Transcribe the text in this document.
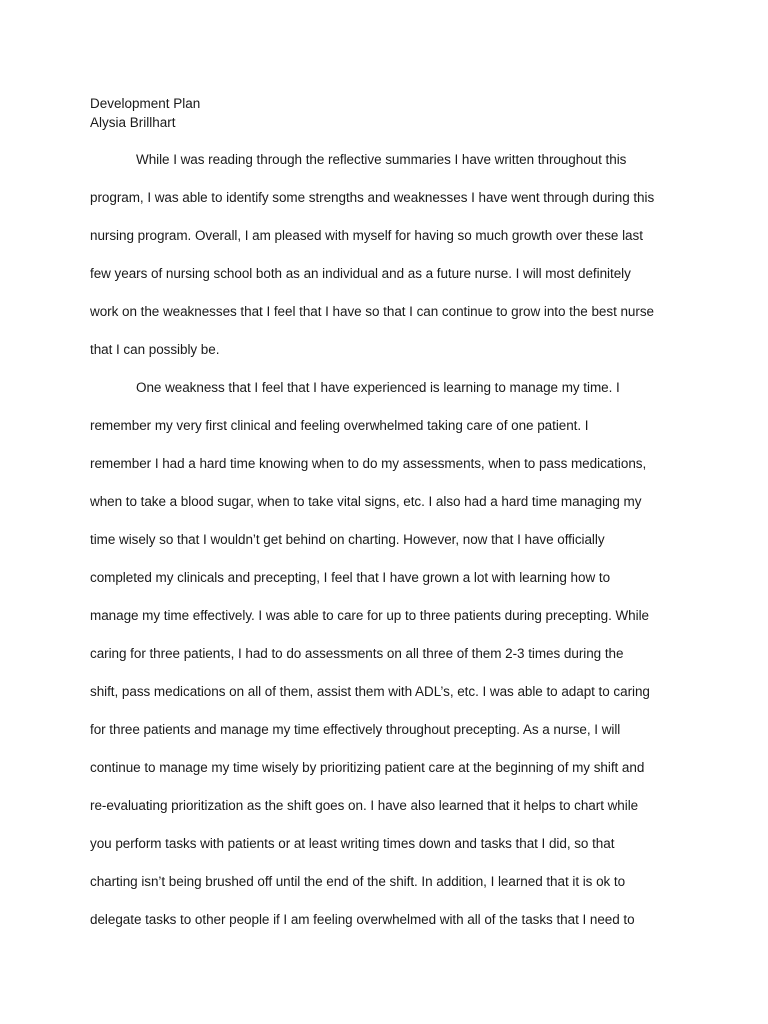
Development Plan
Alysia Brillhart
While I was reading through the reflective summaries I have written throughout this
program, I was able to identify some strengths and weaknesses I have went through during this
nursing program. Overall, I am pleased with myself for having so much growth over these last
few years of nursing school both as an individual and as a future nurse. I will most definitely
work on the weaknesses that I feel that I have so that I can continue to grow into the best nurse
that I can possibly be.
One weakness that I feel that I have experienced is learning to manage my time. I
remember my very first clinical and feeling overwhelmed taking care of one patient. I
remember I had a hard time knowing when to do my assessments, when to pass medications,
when to take a blood sugar, when to take vital signs, etc. I also had a hard time managing my
time wisely so that I wouldn’t get behind on charting. However, now that I have officially
completed my clinicals and precepting, I feel that I have grown a lot with learning how to
manage my time effectively. I was able to care for up to three patients during precepting. While
caring for three patients, I had to do assessments on all three of them 2-3 times during the
shift, pass medications on all of them, assist them with ADL’s, etc. I was able to adapt to caring
for three patients and manage my time effectively throughout precepting. As a nurse, I will
continue to manage my time wisely by prioritizing patient care at the beginning of my shift and
re-evaluating prioritization as the shift goes on. I have also learned that it helps to chart while
you perform tasks with patients or at least writing times down and tasks that I did, so that
charting isn’t being brushed off until the end of the shift. In addition, I learned that it is ok to
delegate tasks to other people if I am feeling overwhelmed with all of the tasks that I need to
